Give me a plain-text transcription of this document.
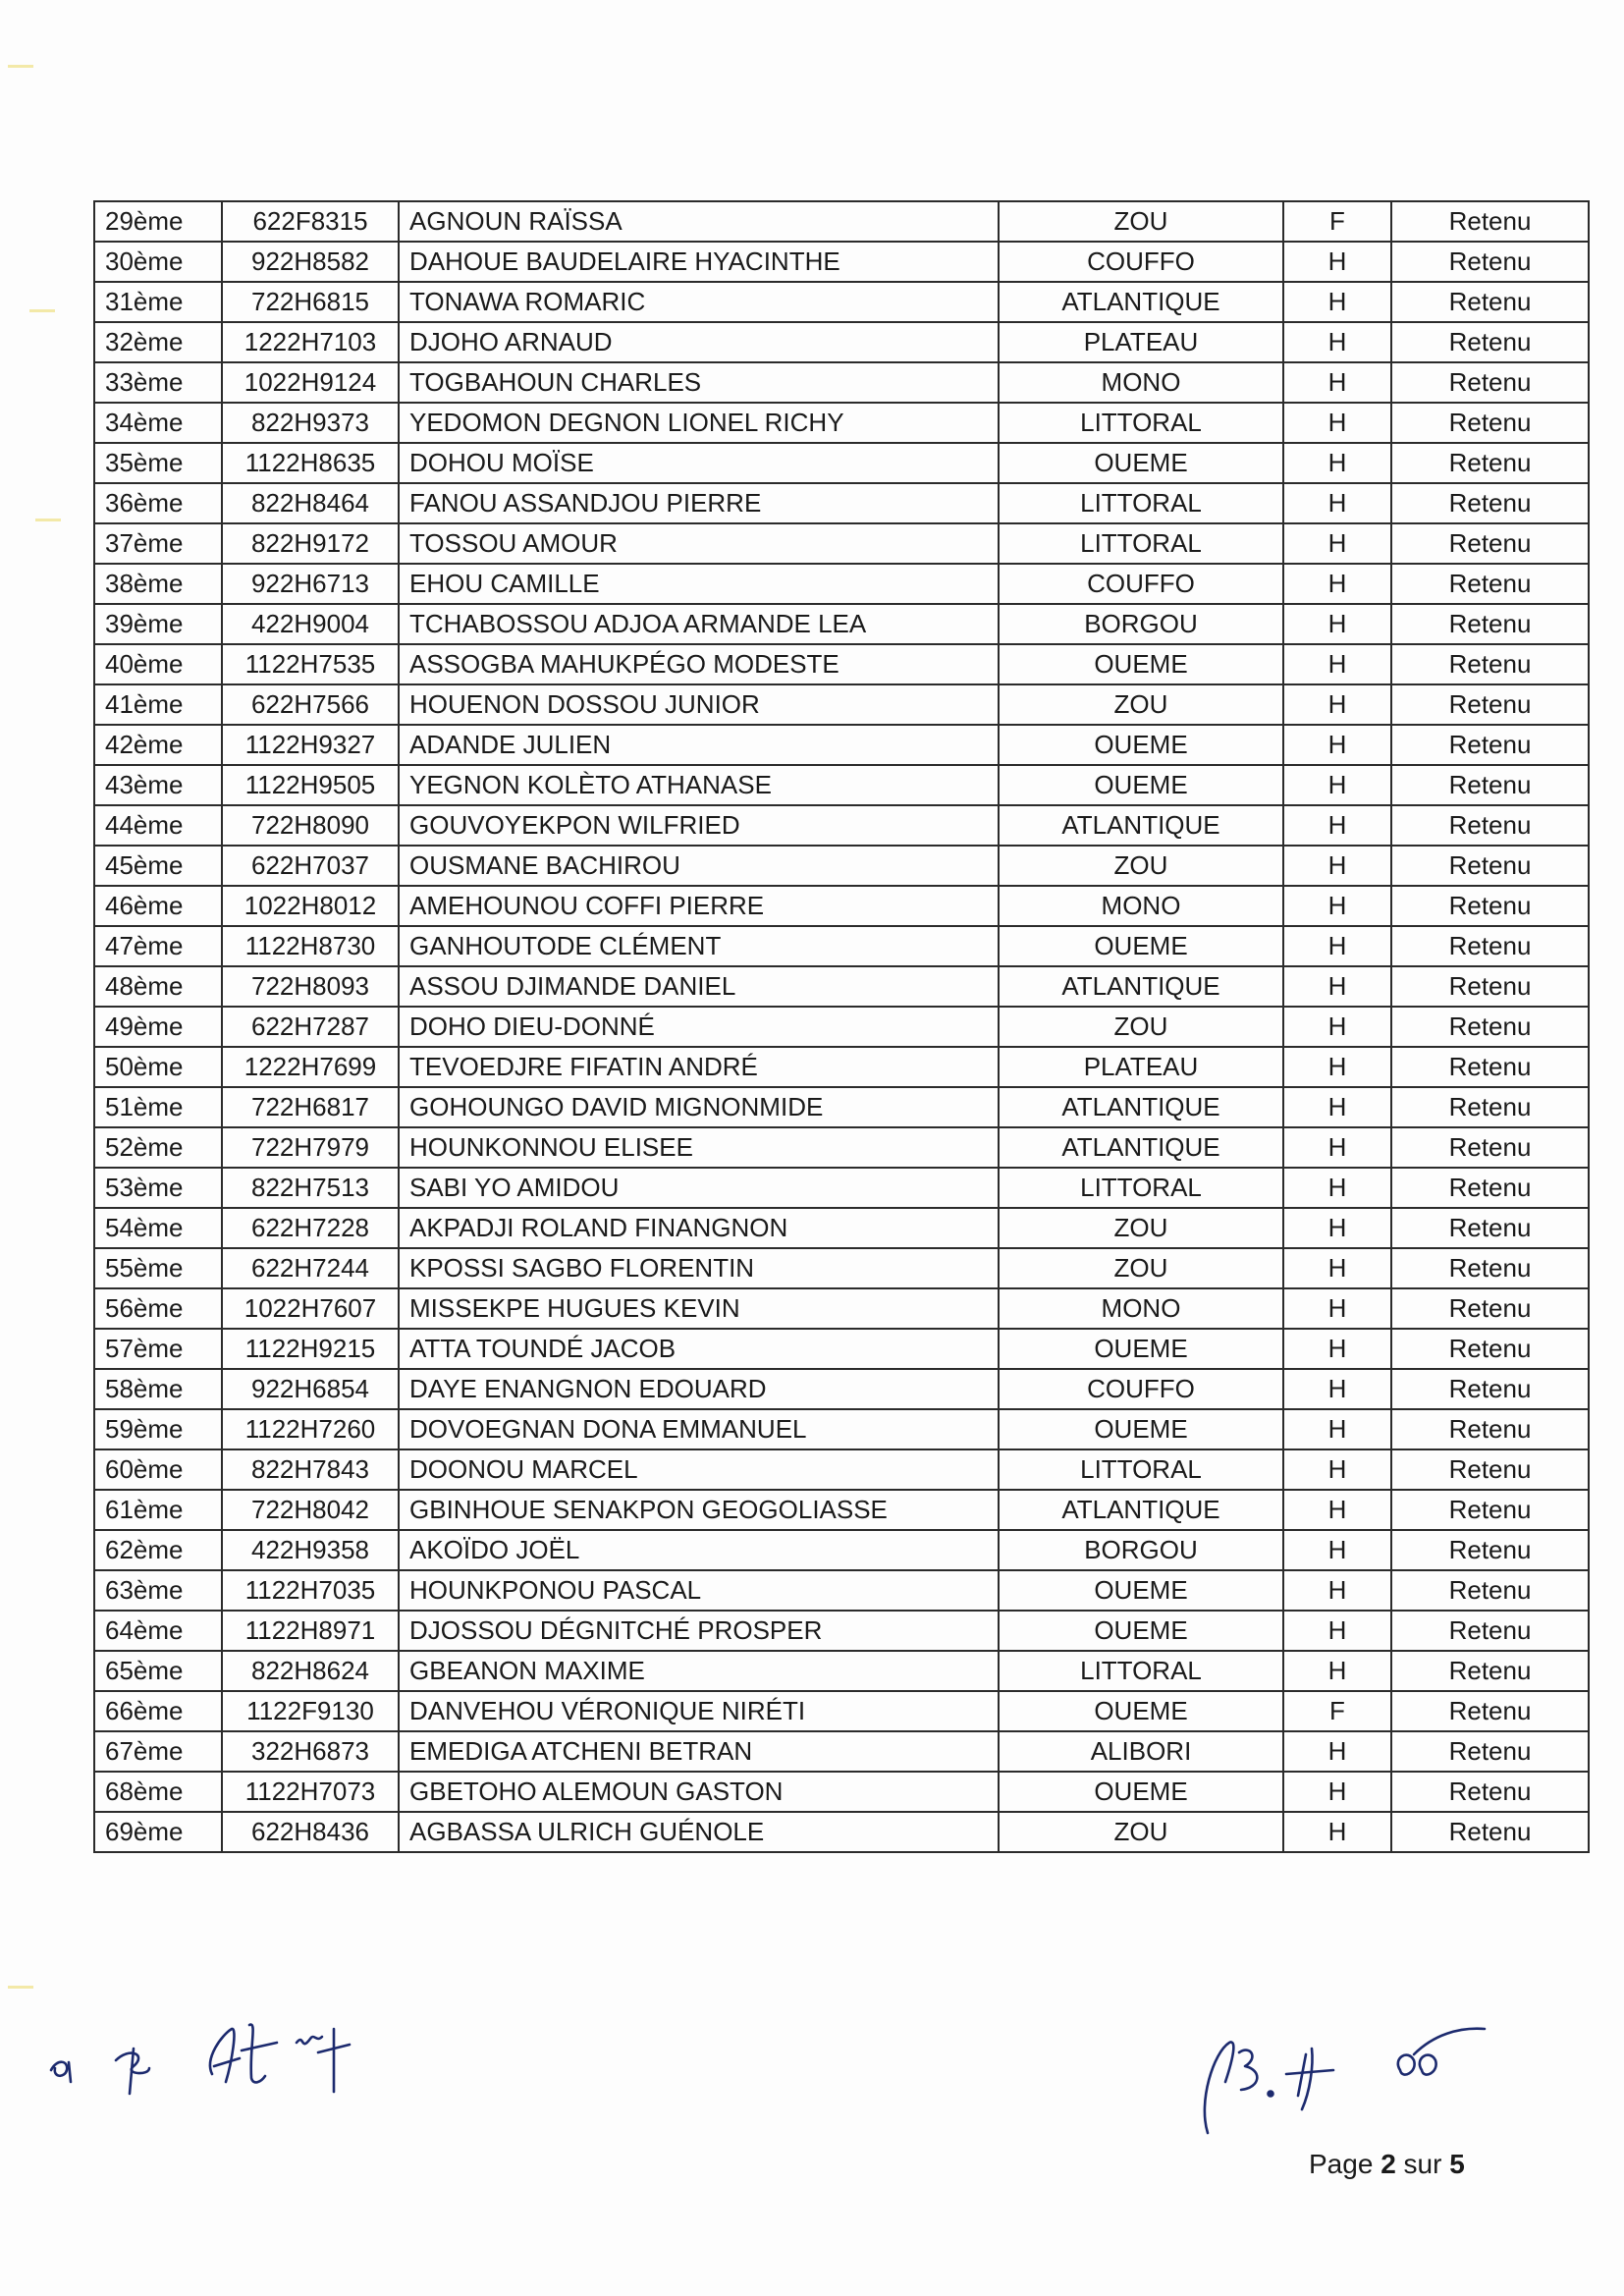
29ème	622F8315	AGNOUN RAÏSSA	ZOU	F	Retenu
30ème	922H8582	DAHOUE BAUDELAIRE HYACINTHE	COUFFO	H	Retenu
31ème	722H6815	TONAWA ROMARIC	ATLANTIQUE	H	Retenu
32ème	1222H7103	DJOHO ARNAUD	PLATEAU	H	Retenu
33ème	1022H9124	TOGBAHOUN CHARLES	MONO	H	Retenu
34ème	822H9373	YEDOMON DEGNON LIONEL RICHY	LITTORAL	H	Retenu
35ème	1122H8635	DOHOU MOÏSE	OUEME	H	Retenu
36ème	822H8464	FANOU ASSANDJOU PIERRE	LITTORAL	H	Retenu
37ème	822H9172	TOSSOU AMOUR	LITTORAL	H	Retenu
38ème	922H6713	EHOU CAMILLE	COUFFO	H	Retenu
39ème	422H9004	TCHABOSSOU ADJOA ARMANDE LEA	BORGOU	H	Retenu
40ème	1122H7535	ASSOGBA MAHUKPÉGO MODESTE	OUEME	H	Retenu
41ème	622H7566	HOUENON DOSSOU JUNIOR	ZOU	H	Retenu
42ème	1122H9327	ADANDE JULIEN	OUEME	H	Retenu
43ème	1122H9505	YEGNON KOLÈTO ATHANASE	OUEME	H	Retenu
44ème	722H8090	GOUVOYEKPON WILFRIED	ATLANTIQUE	H	Retenu
45ème	622H7037	OUSMANE BACHIROU	ZOU	H	Retenu
46ème	1022H8012	AMEHOUNOU COFFI PIERRE	MONO	H	Retenu
47ème	1122H8730	GANHOUTODE CLÉMENT	OUEME	H	Retenu
48ème	722H8093	ASSOU DJIMANDE DANIEL	ATLANTIQUE	H	Retenu
49ème	622H7287	DOHO DIEU-DONNÉ	ZOU	H	Retenu
50ème	1222H7699	TEVOEDJRE FIFATIN ANDRÉ	PLATEAU	H	Retenu
51ème	722H6817	GOHOUNGO DAVID MIGNONMIDE	ATLANTIQUE	H	Retenu
52ème	722H7979	HOUNKONNOU ELISEE	ATLANTIQUE	H	Retenu
53ème	822H7513	SABI YO AMIDOU	LITTORAL	H	Retenu
54ème	622H7228	AKPADJI ROLAND FINANGNON	ZOU	H	Retenu
55ème	622H7244	KPOSSI SAGBO FLORENTIN	ZOU	H	Retenu
56ème	1022H7607	MISSEKPE HUGUES KEVIN	MONO	H	Retenu
57ème	1122H9215	ATTA TOUNDÉ JACOB	OUEME	H	Retenu
58ème	922H6854	DAYE ENANGNON EDOUARD	COUFFO	H	Retenu
59ème	1122H7260	DOVOEGNAN DONA EMMANUEL	OUEME	H	Retenu
60ème	822H7843	DOONOU MARCEL	LITTORAL	H	Retenu
61ème	722H8042	GBINHOUE SENAKPON GEOGOLIASSE	ATLANTIQUE	H	Retenu
62ème	422H9358	AKOÏDO JOËL	BORGOU	H	Retenu
63ème	1122H7035	HOUNKPONOU PASCAL	OUEME	H	Retenu
64ème	1122H8971	DJOSSOU DÉGNITCHÉ PROSPER	OUEME	H	Retenu
65ème	822H8624	GBEANON MAXIME	LITTORAL	H	Retenu
66ème	1122F9130	DANVEHOU VÉRONIQUE NIRÉTI	OUEME	F	Retenu
67ème	322H6873	EMEDIGA ATCHENI BETRAN	ALIBORI	H	Retenu
68ème	1122H7073	GBETOHO ALEMOUN GASTON	OUEME	H	Retenu
69ème	622H8436	AGBASSA ULRICH GUÉNOLE	ZOU	H	Retenu
Page 2 sur 5
